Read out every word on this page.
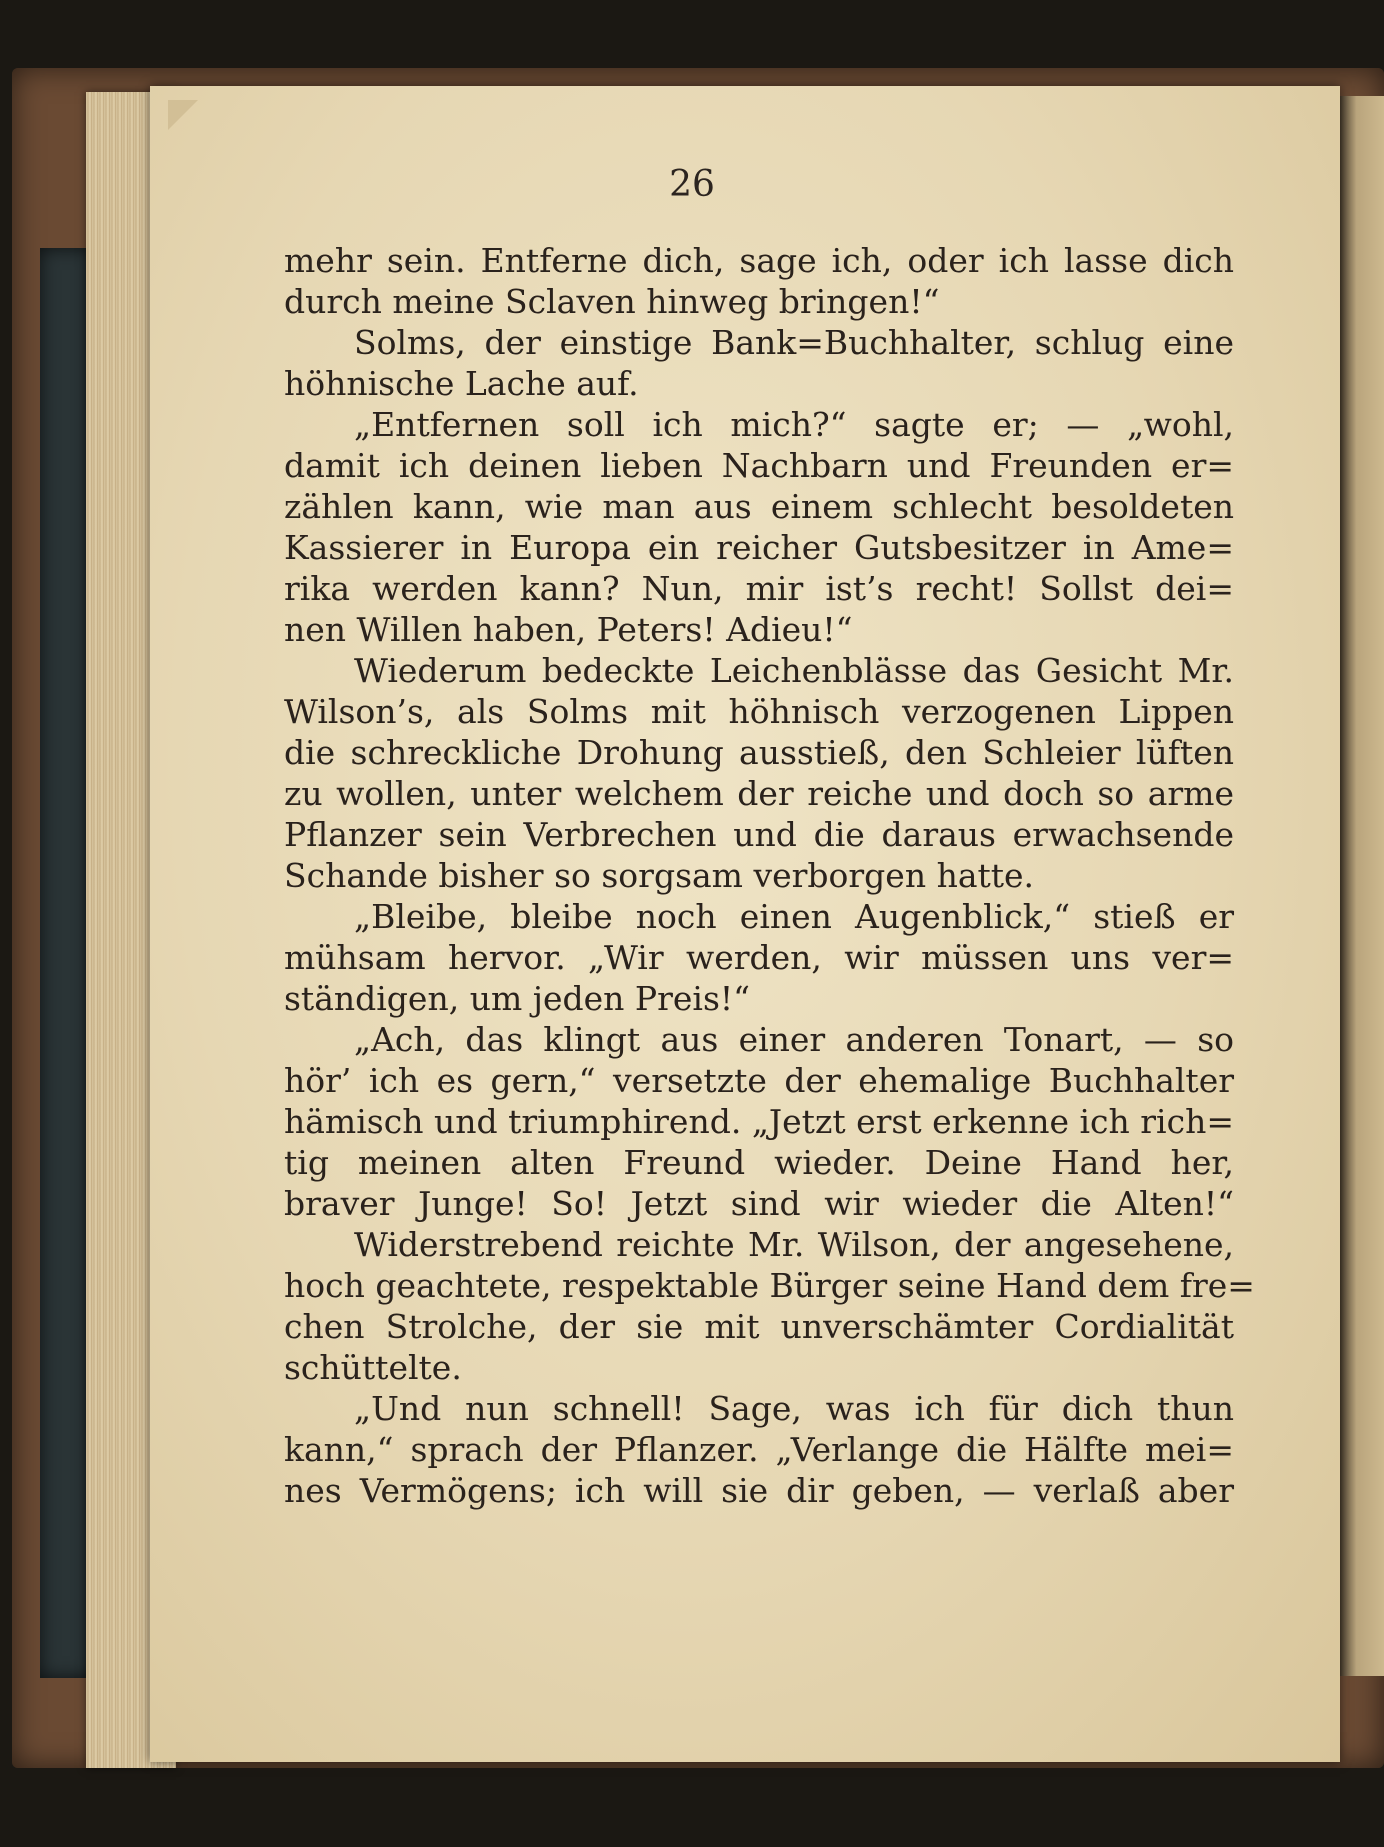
26
mehr sein. Entferne dich, sage ich, oder ich lasse dich
durch meine Sclaven hinweg bringen!“
Solms, der einstige Bank=Buchhalter, schlug eine
höhnische Lache auf.
„Entfernen soll ich mich?“ sagte er; — „wohl,
damit ich deinen lieben Nachbarn und Freunden er=
zählen kann, wie man aus einem schlecht besoldeten
Kassierer in Europa ein reicher Gutsbesitzer in Ame=
rika werden kann? Nun, mir ist’s recht! Sollst dei=
nen Willen haben, Peters! Adieu!“
Wiederum bedeckte Leichenblässe das Gesicht Mr.
Wilson’s, als Solms mit höhnisch verzogenen Lippen
die schreckliche Drohung ausstieß, den Schleier lüften
zu wollen, unter welchem der reiche und doch so arme
Pflanzer sein Verbrechen und die daraus erwachsende
Schande bisher so sorgsam verborgen hatte.
„Bleibe, bleibe noch einen Augenblick,“ stieß er
mühsam hervor. „Wir werden, wir müssen uns ver=
ständigen, um jeden Preis!“
„Ach, das klingt aus einer anderen Tonart, — so
hör’ ich es gern,“ versetzte der ehemalige Buchhalter
hämisch und triumphirend. „Jetzt erst erkenne ich rich=
tig meinen alten Freund wieder. Deine Hand her,
braver Junge! So! Jetzt sind wir wieder die Alten!“
Widerstrebend reichte Mr. Wilson, der angesehene,
hoch geachtete, respektable Bürger seine Hand dem fre=
chen Strolche, der sie mit unverschämter Cordialität
schüttelte.
„Und nun schnell! Sage, was ich für dich thun
kann,“ sprach der Pflanzer. „Verlange die Hälfte mei=
nes Vermögens; ich will sie dir geben, — verlaß aber
